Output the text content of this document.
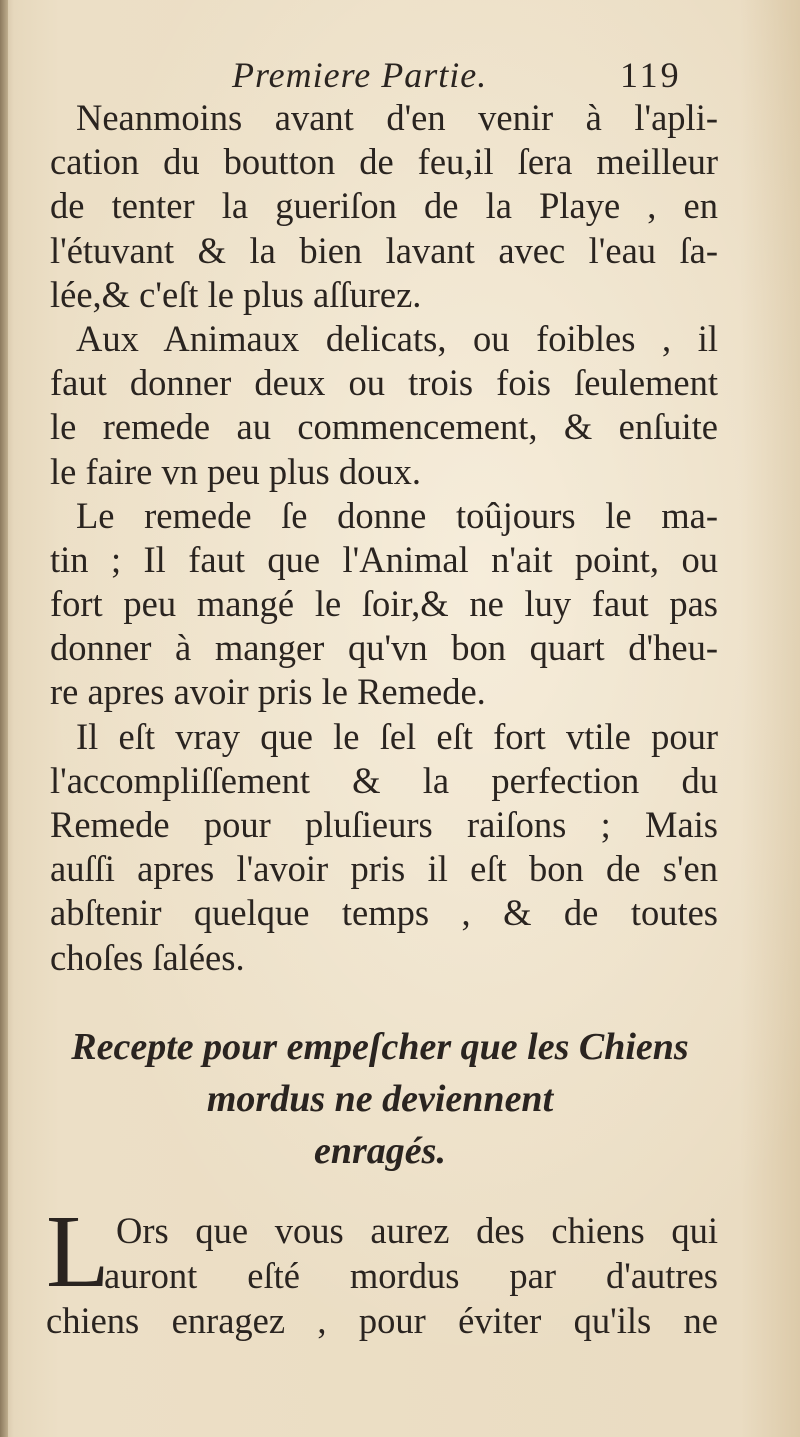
Premiere Partie.	119
Neanmoins avant d'en venir à l'apli-
cation du boutton de feu,il ſera meilleur
de tenter la gueriſon de la Playe , en
l'étuvant & la bien lavant avec l'eau ſa-
lée,& c'eſt le plus aſſurez.
Aux Animaux delicats, ou foibles , il
faut donner deux ou trois fois ſeulement
le remede au commencement, & enſuite
le faire vn peu plus doux.
Le remede ſe donne toûjours le ma-
tin ; Il faut que l'Animal n'ait point, ou
fort peu mangé le ſoir,& ne luy faut pas
donner à manger qu'vn bon quart d'heu-
re apres avoir pris le Remede.
Il eſt vray que le ſel eſt fort vtile pour
l'accompliſſement & la perfection du
Remede pour pluſieurs raiſons ; Mais
auſſi apres l'avoir pris il eſt bon de s'en
abſtenir quelque temps , & de toutes
choſes ſalées.
Recepte pour empeſcher que les Chiens
mordus ne deviennent
enragés.
L Ors que vous aurez des chiens qui
auront eſté mordus par d'autres
chiens enragez , pour éviter qu'ils ne
